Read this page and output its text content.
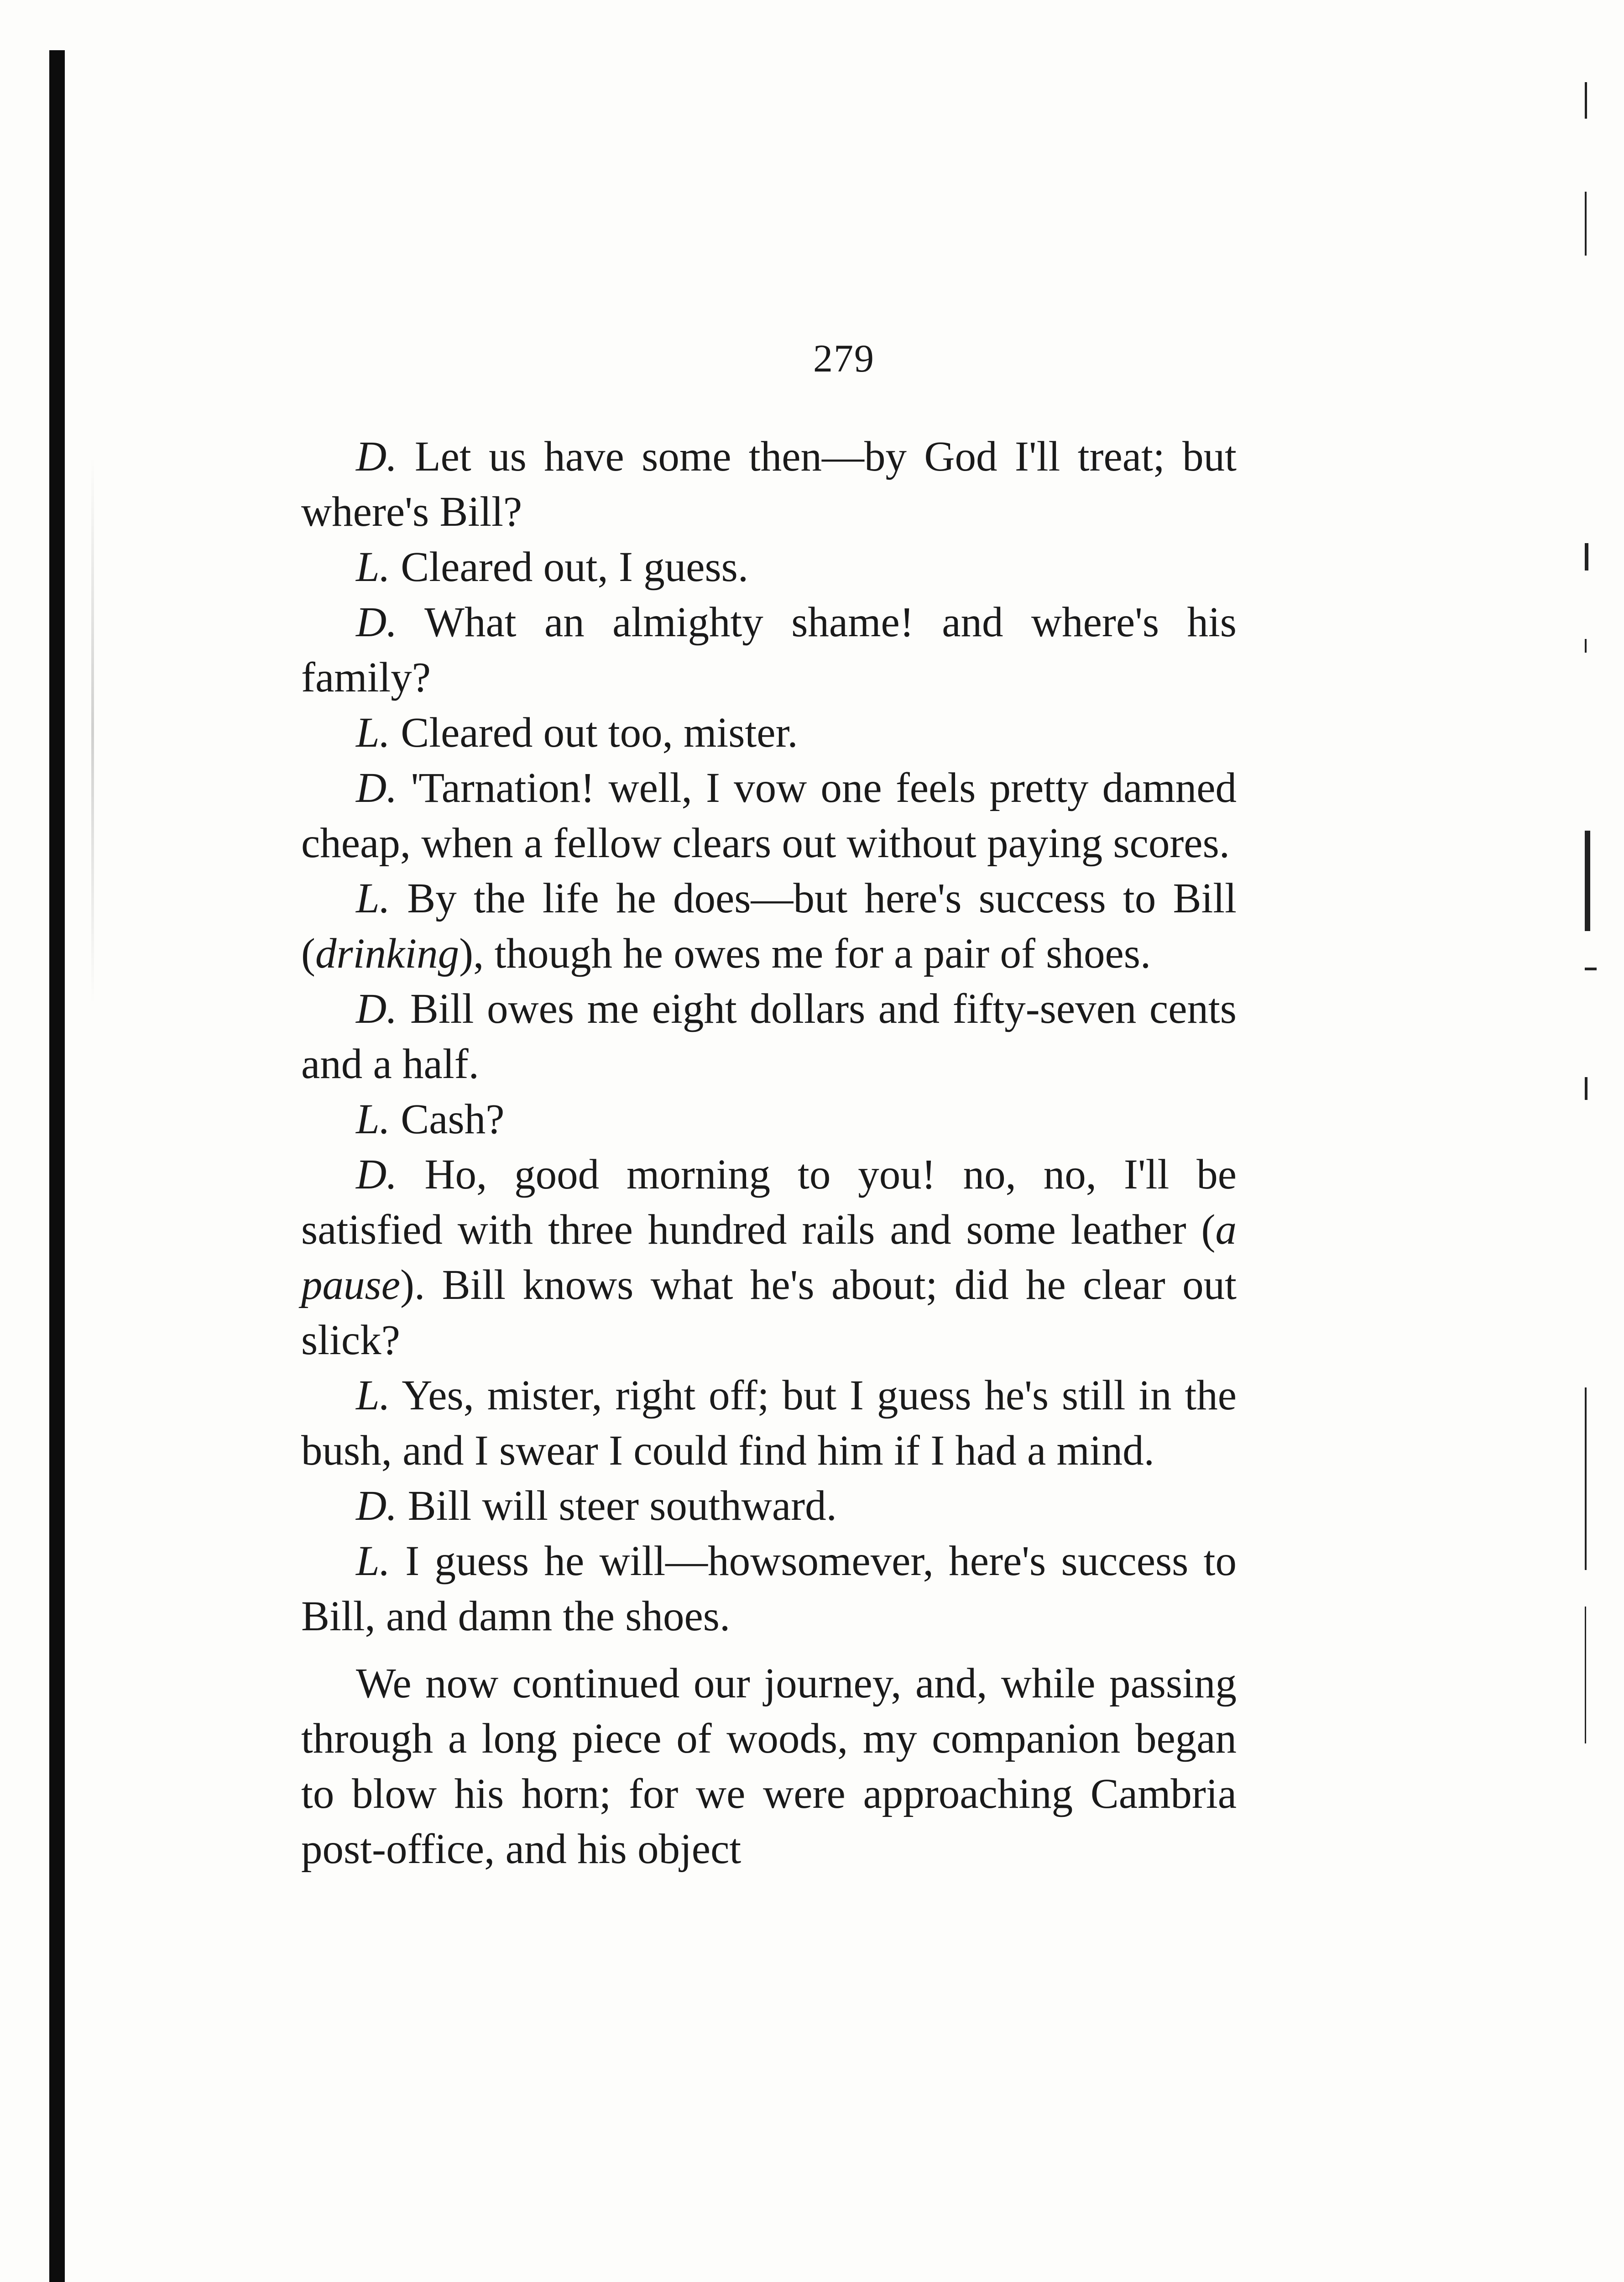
279

D. Let us have some then—by God I'll treat; but where's Bill?

L. Cleared out, I guess.

D. What an almighty shame! and where's his family?

L. Cleared out too, mister.

D. 'Tarnation! well, I vow one feels pretty damned cheap, when a fellow clears out without paying scores.

L. By the life he does—but here's success to Bill (drinking), though he owes me for a pair of shoes.

D. Bill owes me eight dollars and fifty-seven cents and a half.

L. Cash?

D. Ho, good morning to you! no, no, I'll be satisfied with three hundred rails and some leather (a pause). Bill knows what he's about; did he clear out slick?

L. Yes, mister, right off; but I guess he's still in the bush, and I swear I could find him if I had a mind.

D. Bill will steer southward.

L. I guess he will—howsomever, here's success to Bill, and damn the shoes.

We now continued our journey, and, while passing through a long piece of woods, my companion began to blow his horn; for we were approaching Cambria post-office, and his object
